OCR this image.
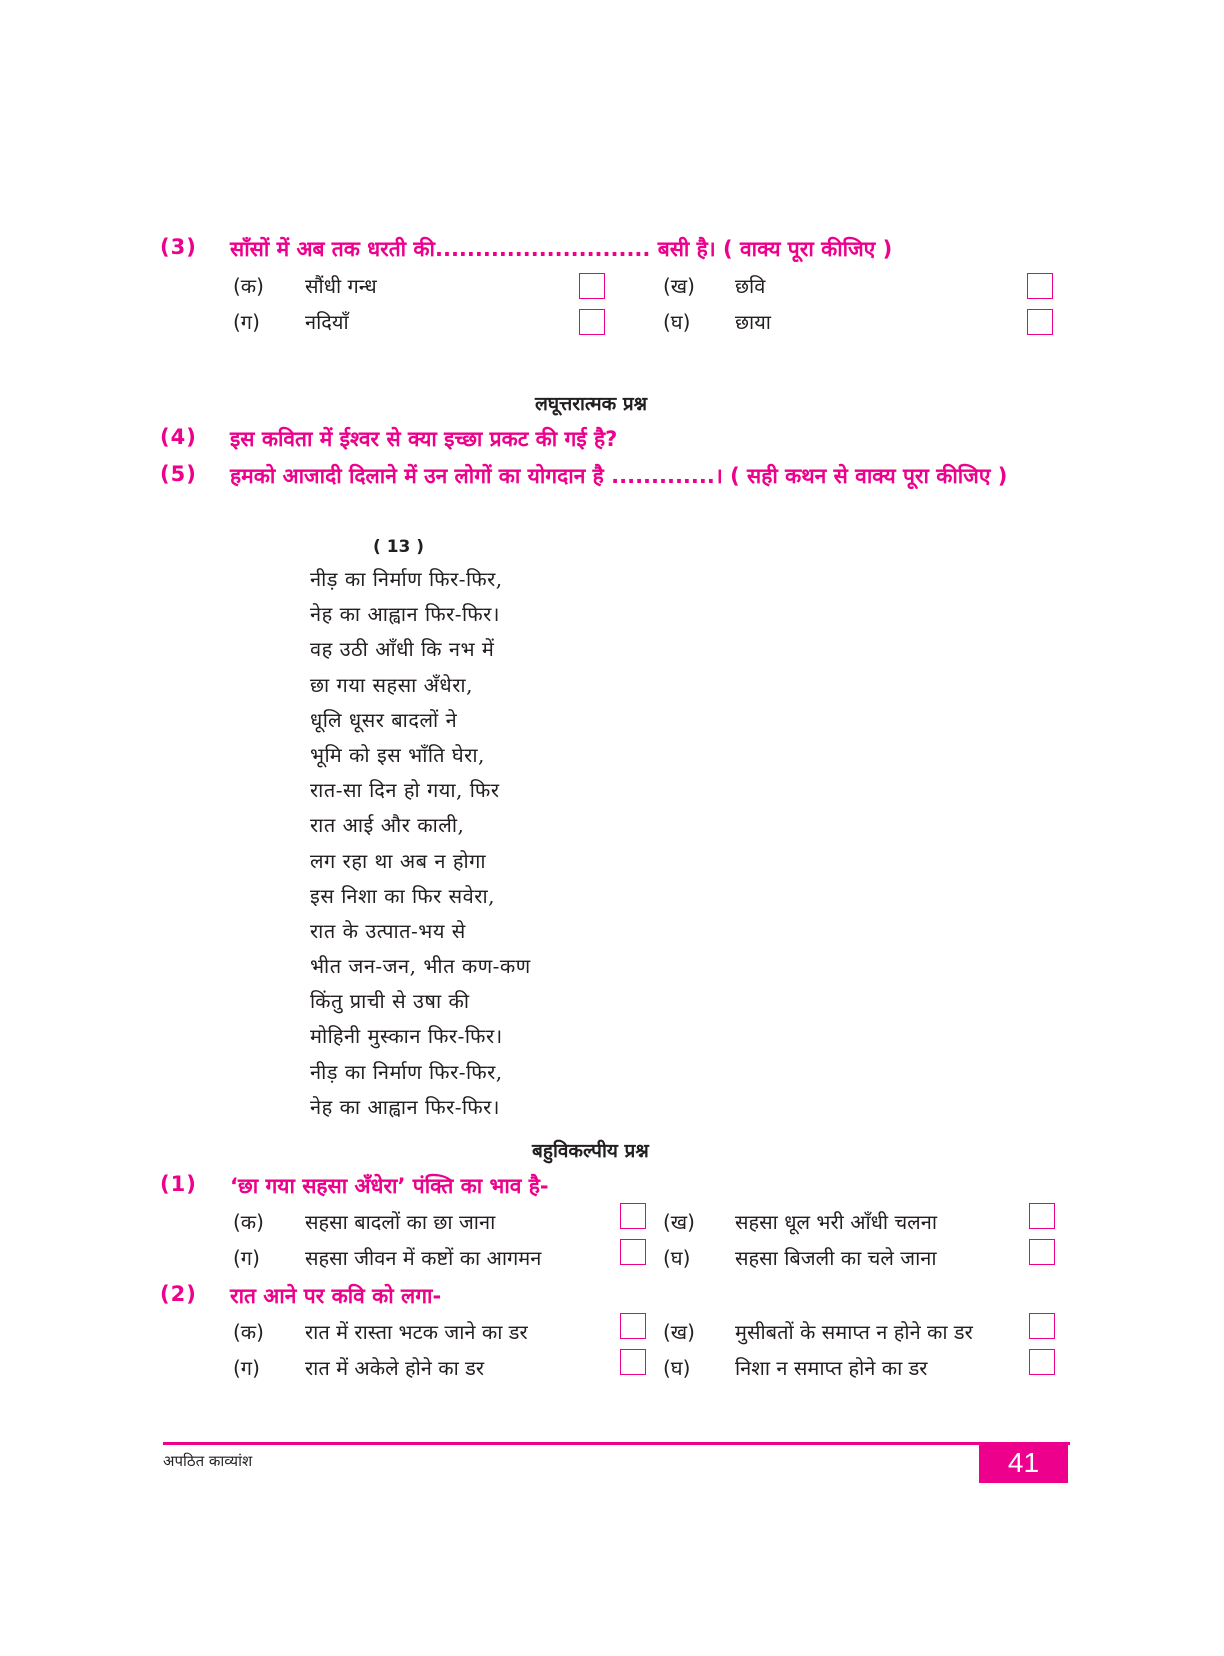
(3) साँसों में अब तक धरती की........................... बसी है। ( वाक्य पूरा कीजिए )
(क) सौंधी गन्ध	(ख) छवि
(ग) नदियाँ	(घ) छाया
लघूत्तरात्मक प्रश्न
(4) इस कविता में ईश्वर से क्या इच्छा प्रकट की गई है?
(5) हमको आजादी दिलाने में उन लोगों का योगदान है .............। ( सही कथन से वाक्य पूरा कीजिए )
( 13 )
नीड़ का निर्माण फिर-फिर,
नेह का आह्वान फिर-फिर।
वह उठी आँधी कि नभ में
छा गया सहसा अँधेरा,
धूलि धूसर बादलों ने
भूमि को इस भाँति घेरा,
रात-सा दिन हो गया, फिर
रात आई और काली,
लग रहा था अब न होगा
इस निशा का फिर सवेरा,
रात के उत्पात-भय से
भीत जन-जन, भीत कण-कण
किंतु प्राची से उषा की
मोहिनी मुस्कान फिर-फिर।
नीड़ का निर्माण फिर-फिर,
नेह का आह्वान फिर-फिर।
बहुविकल्पीय प्रश्न
(1) ‘छा गया सहसा अँधेरा’ पंक्ति का भाव है-
(क) सहसा बादलों का छा जाना	(ख) सहसा धूल भरी आँधी चलना
(ग) सहसा जीवन में कष्टों का आगमन	(घ) सहसा बिजली का चले जाना
(2) रात आने पर कवि को लगा-
(क) रात में रास्ता भटक जाने का डर	(ख) मुसीबतों के समाप्त न होने का डर
(ग) रात में अकेले होने का डर	(घ) निशा न समाप्त होने का डर
अपठित काव्यांश	41
